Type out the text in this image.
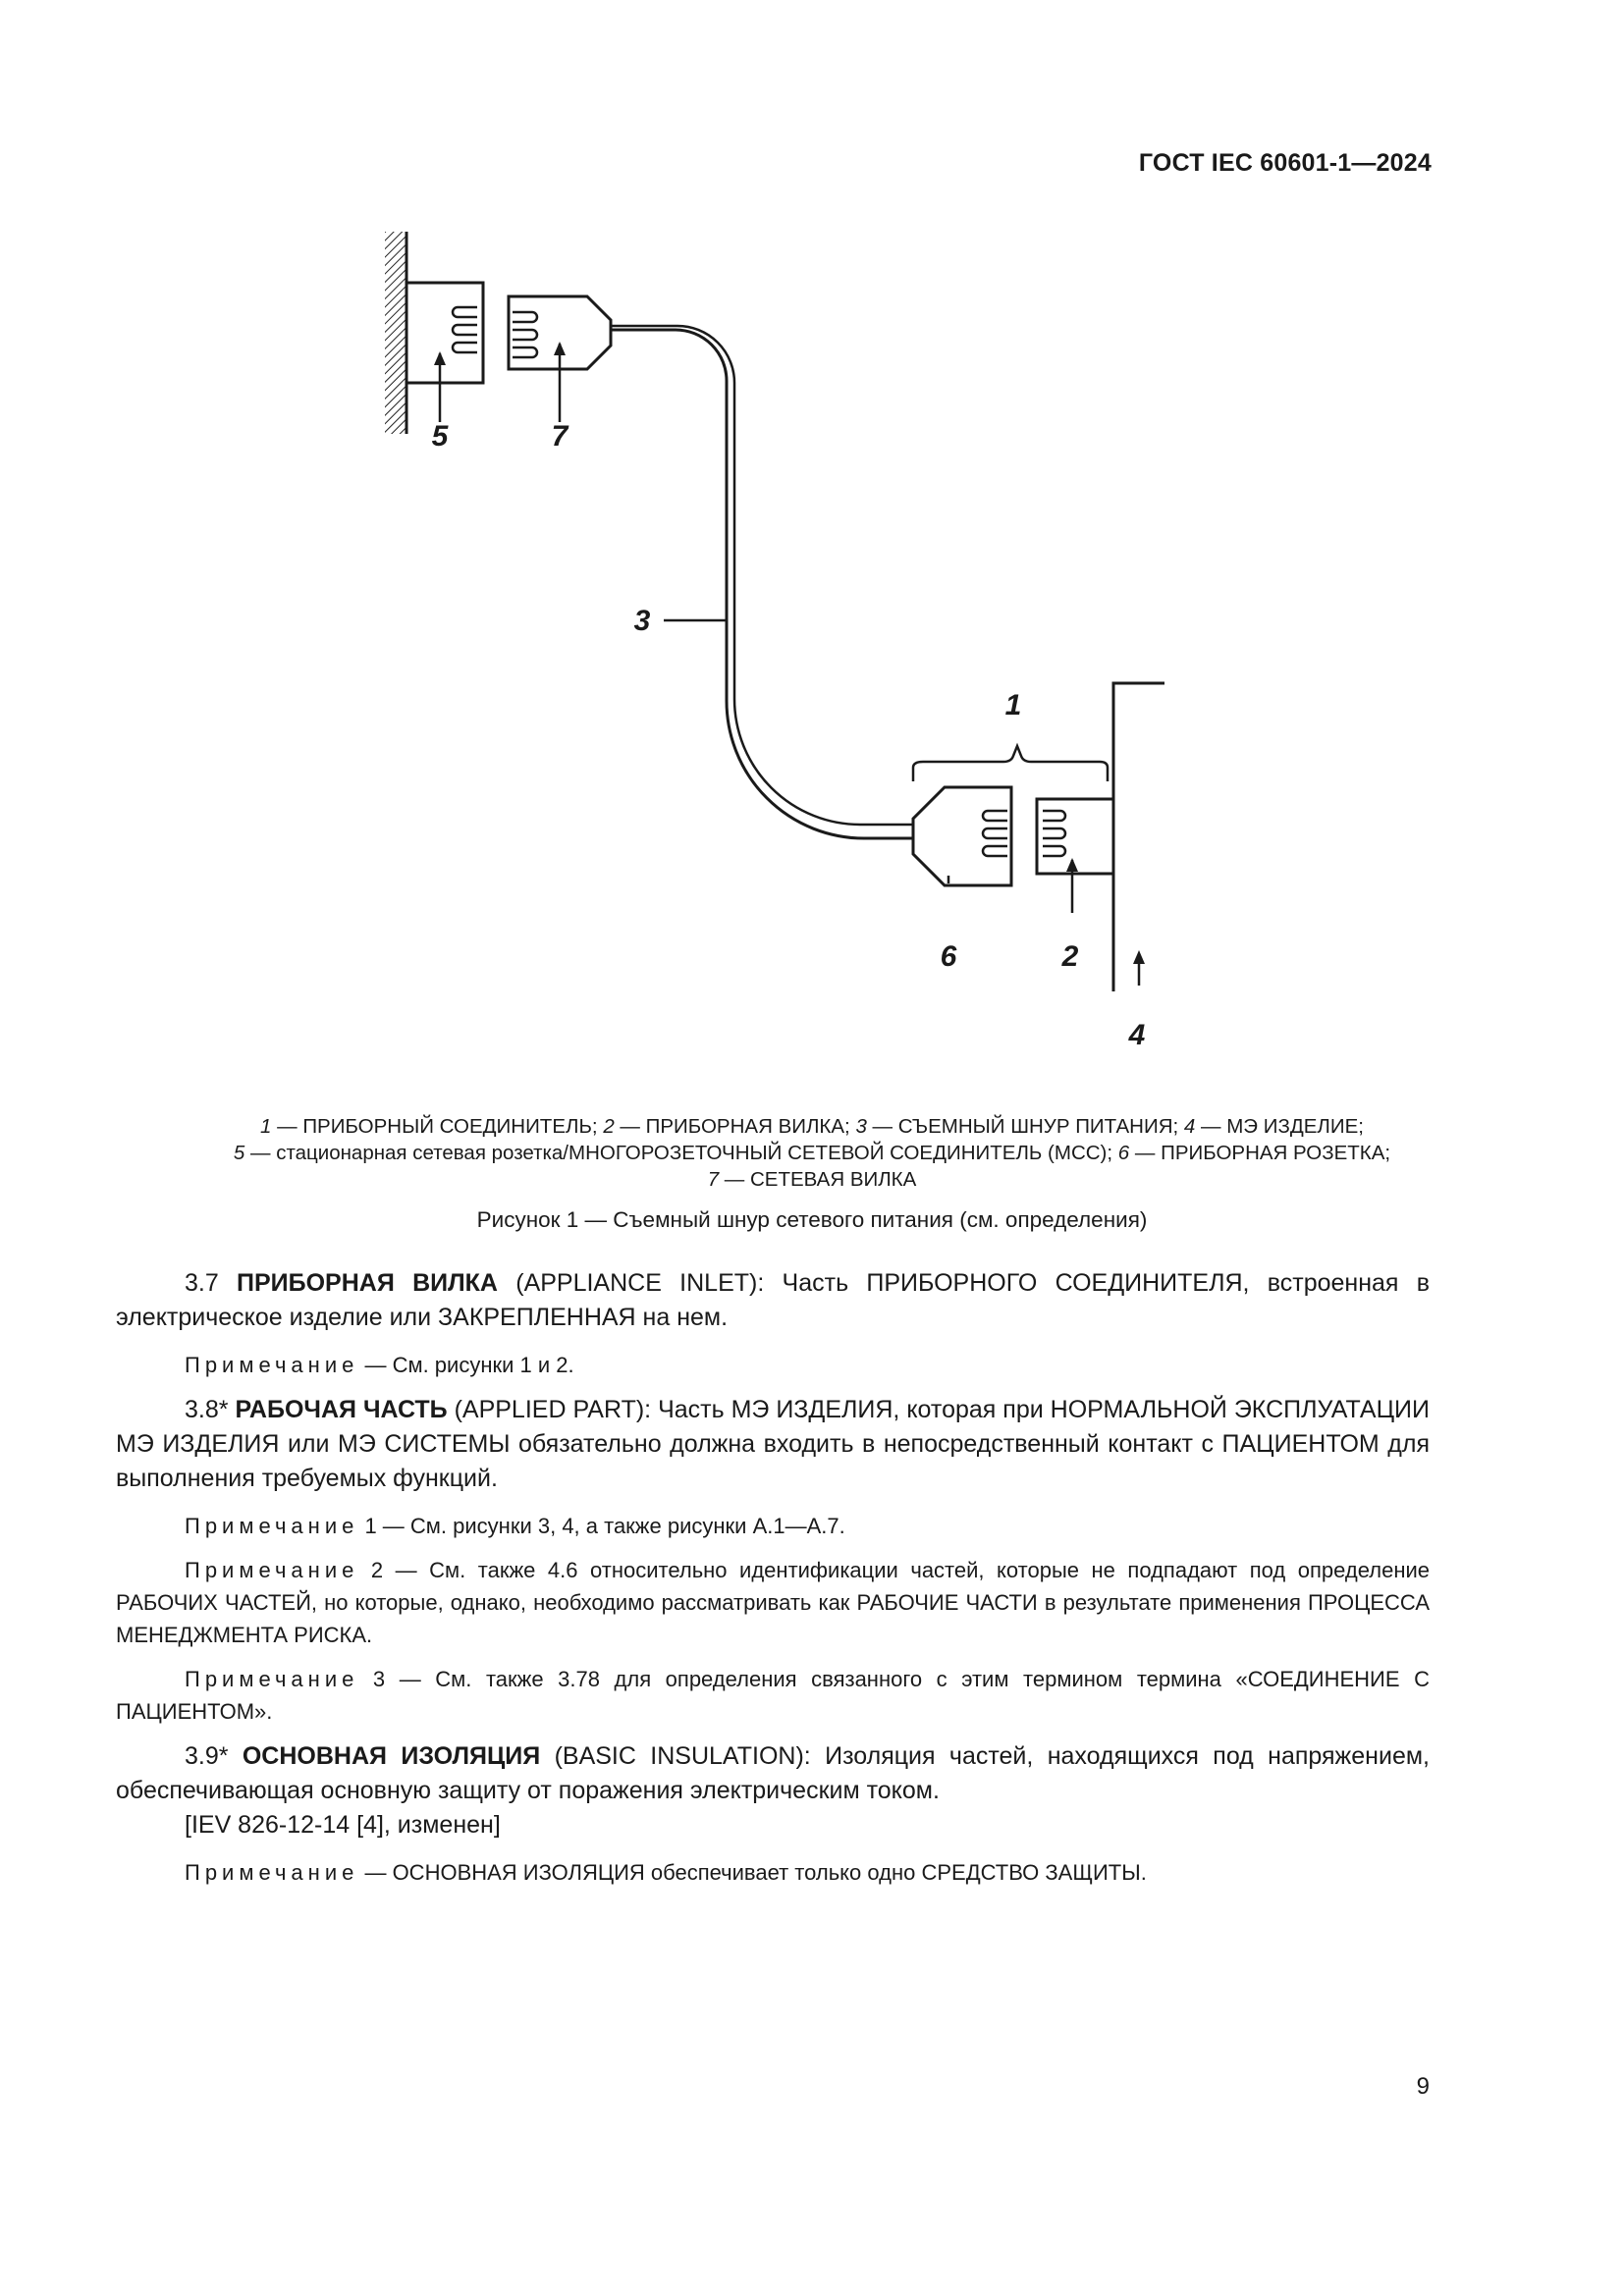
ГОСТ IEC 60601-1—2024
5	7
3
1
6	2
4
1 — ПРИБОРНЫЙ СОЕДИНИТЕЛЬ; 2 — ПРИБОРНАЯ ВИЛКА; 3 — СЪЕМНЫЙ ШНУР ПИТАНИЯ; 4 — МЭ ИЗДЕЛИЕ;
5 — стационарная сетевая розетка/МНОГОРОЗЕТОЧНЫЙ СЕТЕВОЙ СОЕДИНИТЕЛЬ (МСС); 6 — ПРИБОРНАЯ РОЗЕТКА;
7 — СЕТЕВАЯ ВИЛКА
Рисунок 1 — Съемный шнур сетевого питания (см. определения)

3.7 ПРИБОРНАЯ ВИЛКА (APPLIANCE INLET): Часть ПРИБОРНОГО СОЕДИНИТЕЛЯ, встроенная в электрическое изделие или ЗАКРЕПЛЕННАЯ на нем.

Примечание — См. рисунки 1 и 2.

3.8* РАБОЧАЯ ЧАСТЬ (APPLIED PART): Часть МЭ ИЗДЕЛИЯ, которая при НОРМАЛЬНОЙ ЭКСПЛУАТАЦИИ МЭ ИЗДЕЛИЯ или МЭ СИСТЕМЫ обязательно должна входить в непосредственный контакт с ПАЦИЕНТОМ для выполнения требуемых функций.

Примечание 1 — См. рисунки 3, 4, а также рисунки А.1—А.7.

Примечание 2 — См. также 4.6 относительно идентификации частей, которые не подпадают под определение РАБОЧИХ ЧАСТЕЙ, но которые, однако, необходимо рассматривать как РАБОЧИЕ ЧАСТИ в результате применения ПРОЦЕССА МЕНЕДЖМЕНТА РИСКА.

Примечание 3 — См. также 3.78 для определения связанного с этим термином термина «СОЕДИНЕНИЕ С ПАЦИЕНТОМ».

3.9* ОСНОВНАЯ ИЗОЛЯЦИЯ (BASIC INSULATION): Изоляция частей, находящихся под напряжением, обеспечивающая основную защиту от поражения электрическим током.

[IEV 826-12-14 [4], изменен]

Примечание — ОСНОВНАЯ ИЗОЛЯЦИЯ обеспечивает только одно СРЕДСТВО ЗАЩИТЫ.

9
